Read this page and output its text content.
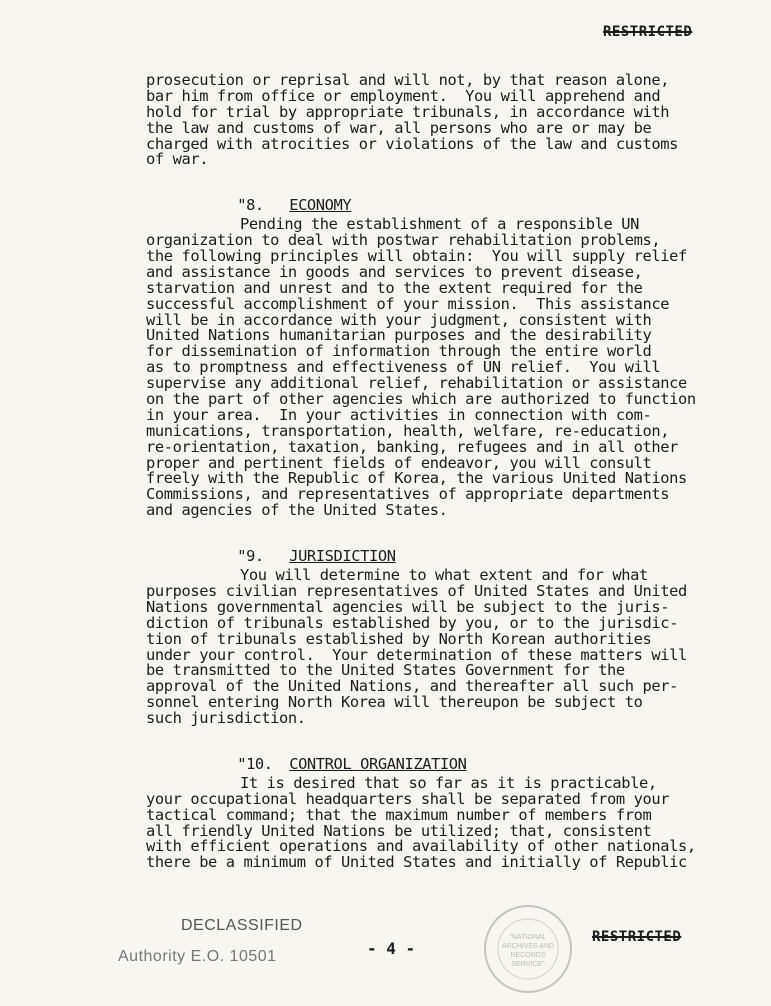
RESTRICTED
prosecution or reprisal and will not, by that reason alone,
bar him from office or employment.  You will apprehend and
hold for trial by appropriate tribunals, in accordance with
the law and customs of war, all persons who are or may be
charged with atrocities or violations of the law and customs
of war.

"8. ECONOMY

Pending the establishment of a responsible UN
organization to deal with postwar rehabilitation problems,
the following principles will obtain:  You will supply relief
and assistance in goods and services to prevent disease,
starvation and unrest and to the extent required for the
successful accomplishment of your mission.  This assistance
will be in accordance with your judgment, consistent with
United Nations humanitarian purposes and the desirability
for dissemination of information through the entire world
as to promptness and effectiveness of UN relief.  You will
supervise any additional relief, rehabilitation or assistance
on the part of other agencies which are authorized to function
in your area.  In your activities in connection with com-
munications, transportation, health, welfare, re-education,
re-orientation, taxation, banking, refugees and in all other
proper and pertinent fields of endeavor, you will consult
freely with the Republic of Korea, the various United Nations
Commissions, and representatives of appropriate departments
and agencies of the United States.

"9. JURISDICTION

You will determine to what extent and for what
purposes civilian representatives of United States and United
Nations governmental agencies will be subject to the juris-
diction of tribunals established by you, or to the jurisdic-
tion of tribunals established by North Korean authorities
under your control.  Your determination of these matters will
be transmitted to the United States Government for the
approval of the United Nations, and thereafter all such per-
sonnel entering North Korea will thereupon be subject to
such jurisdiction.

"10. CONTROL ORGANIZATION

It is desired that so far as it is practicable,
your occupational headquarters shall be separated from your
tactical command; that the maximum number of members from
all friendly United Nations be utilized; that, consistent
with efficient operations and availability of other nationals,
there be a minimum of United States and initially of Republic
DECLASSIFIED
Authority E.O. 10501	- 4 -
"NATIONAL
ARCHIVES AND
RECORDS
SERVICE"
RESTRICTED
